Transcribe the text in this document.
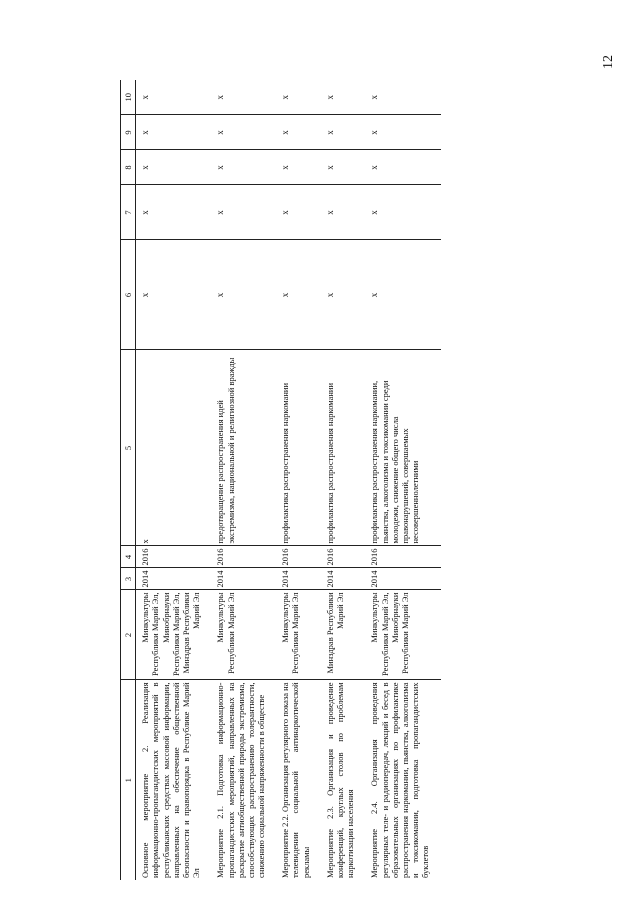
12
1	2	3	4	5	6	7	8	9	10
Основное мероприятие 2. Реализация информационно-пропагандистских мероприятий в республиканских средствах массовой информации, направленных на обеспечение общественной безопасности и правопорядка в Республике Марий Эл	Минкультуры Республики Марий Эл, Минобрнауки Республики Марий Эл, Минздрав Республики Марий Эл	2014	2016	x	x	x	x	x	x
Мероприятие 2.1. Подготовка информационно-пропагандистских мероприятий, направленных на раскрытие антиобщественной природы экстремизма, способствующих распространению толерантности, снижению социальной напряженности в обществе	Минкультуры Республики Марий Эл	2014	2016	предотвращение распространения идей экстремизма, национальной и религиозной вражды	x	x	x	x	x
Мероприятие 2.2. Организация регулярного показа на телевидении социальной антинаркотической рекламы	Минкультуры Республики Марий Эл	2014	2016	профилактика распространения наркомании	x	x	x	x	x
Мероприятие 2.3. Организация и проведение конференций, круглых столов по проблемам наркотизации населения	Минздрав Республики Марий Эл	2014	2016	профилактика распространения наркомании	x	x	x	x	x
Мероприятие 2.4. Организация проведения регулярных теле- и радиопередач, лекций и бесед в образовательных организациях по профилактике распространения наркомании, пьянства, алкоголизма и токсикомании, подготовка пропагандистских буклетов	Минкультуры Республики Марий Эл, Минобрнауки Республики Марий Эл	2014	2016	профилактика распространения наркомании, пьянства, алкоголизма и токсикомании среди молодежи, снижение общего числа правонарушений, совершаемых несовершеннолетними	x	x	x	x	x
